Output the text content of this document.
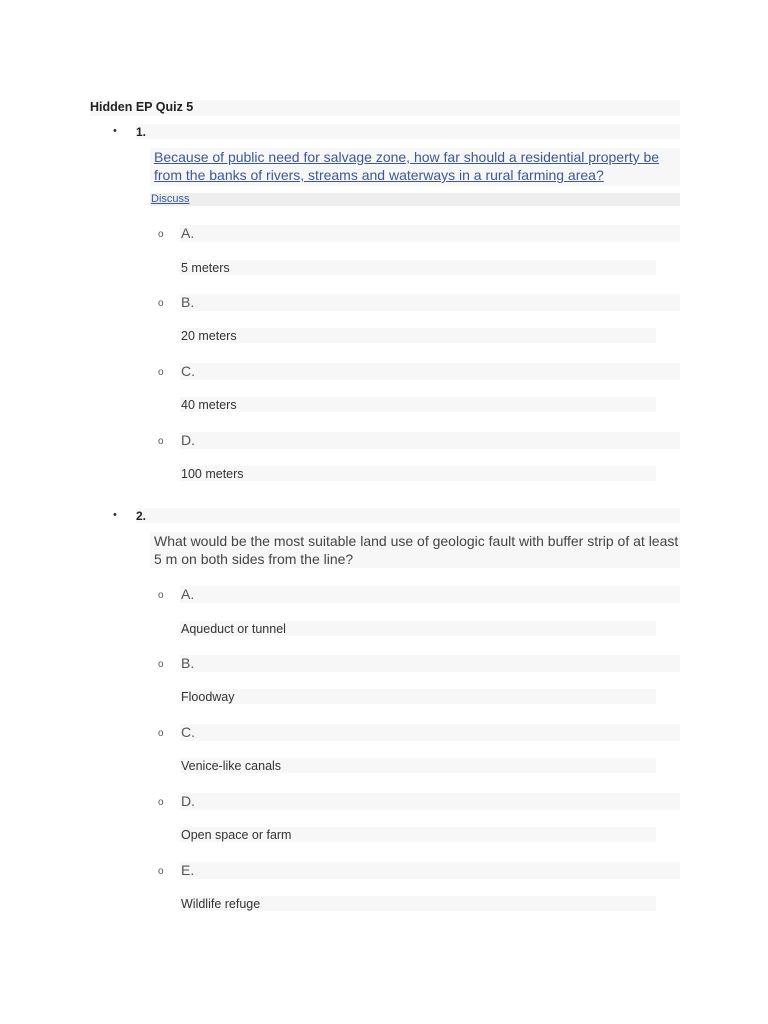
Hidden EP Quiz 5
• 1.
Because of public need for salvage zone, how far should a residential property be from the banks of rivers, streams and waterways in a rural farming area?
Discuss
o A.
5 meters
o B.
20 meters
o C.
40 meters
o D.
100 meters
• 2.
What would be the most suitable land use of geologic fault with buffer strip of at least 5 m on both sides from the line?
o A.
Aqueduct or tunnel
o B.
Floodway
o C.
Venice-like canals
o D.
Open space or farm
o E.
Wildlife refuge
